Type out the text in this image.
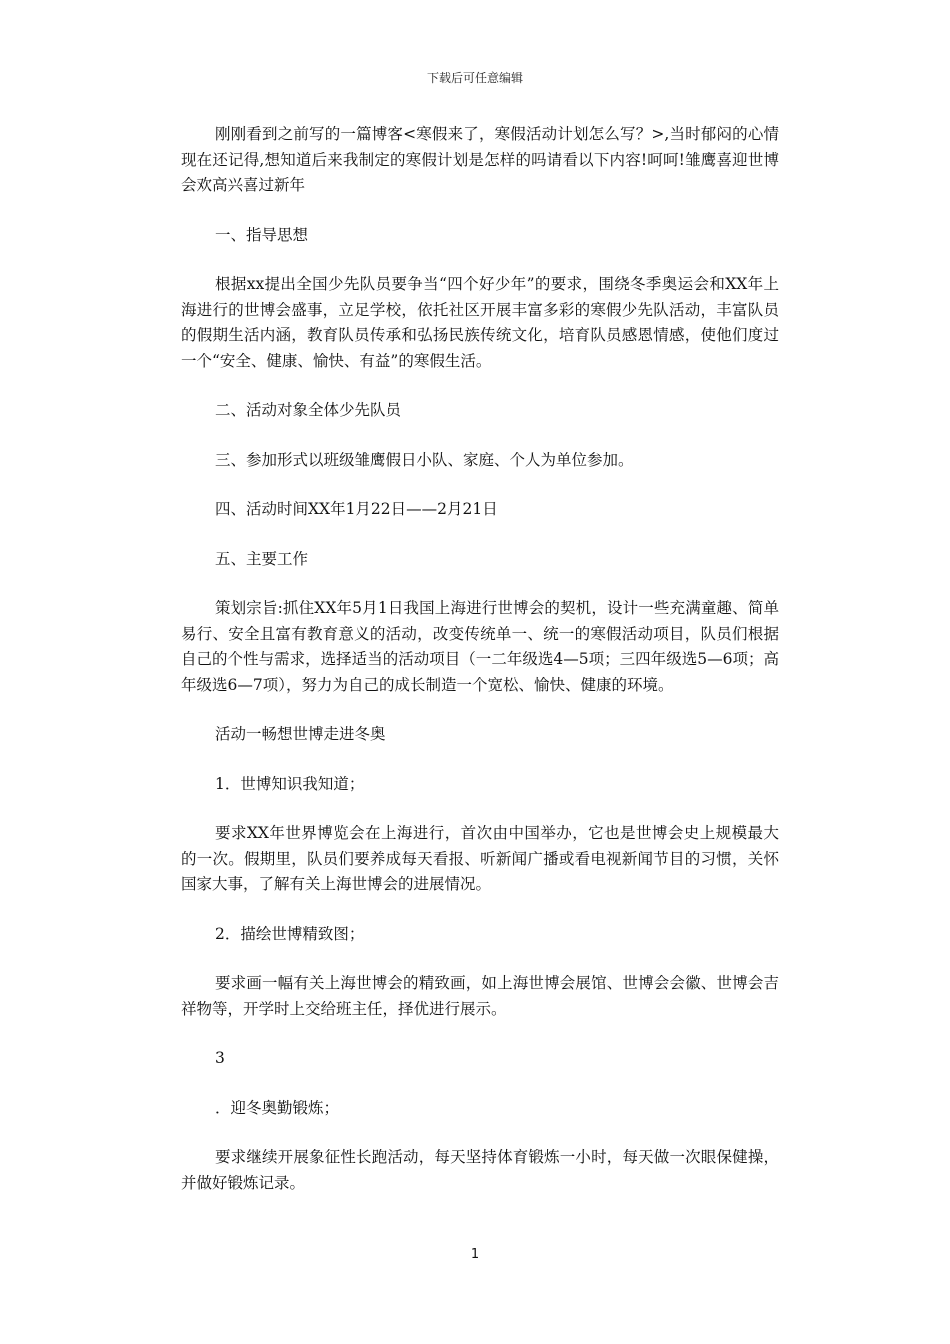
下载后可任意编辑

刚刚看到之前写的一篇博客<寒假来了，寒假活动计划怎么写？>,当时郁闷的心情现在还记得,想知道后来我制定的寒假计划是怎样的吗请看以下内容!呵呵!雏鹰喜迎世博会欢高兴喜过新年

一、指导思想

根据xx提出全国少先队员要争当“四个好少年”的要求，围绕冬季奥运会和XX年上海进行的世博会盛事，立足学校，依托社区开展丰富多彩的寒假少先队活动，丰富队员的假期生活内涵，教育队员传承和弘扬民族传统文化，培育队员感恩情感，使他们度过一个“安全、健康、愉快、有益”的寒假生活。

二、活动对象全体少先队员

三、参加形式以班级雏鹰假日小队、家庭、个人为单位参加。

四、活动时间XX年1月22日——2月21日

五、主要工作

策划宗旨:抓住XX年5月1日我国上海进行世博会的契机，设计一些充满童趣、简单易行、安全且富有教育意义的活动，改变传统单一、统一的寒假活动项目，队员们根据自己的个性与需求，选择适当的活动项目（一二年级选4—5项；三四年级选5—6项；高年级选6—7项），努力为自己的成长制造一个宽松、愉快、健康的环境。

活动一畅想世博走进冬奥

1．世博知识我知道；

要求XX年世界博览会在上海进行，首次由中国举办，它也是世博会史上规模最大的一次。假期里，队员们要养成每天看报、听新闻广播或看电视新闻节目的习惯，关怀国家大事，了解有关上海世博会的进展情况。

2．描绘世博精致图；

要求画一幅有关上海世博会的精致画，如上海世博会展馆、世博会会徽、世博会吉祥物等，开学时上交给班主任，择优进行展示。

3

．迎冬奥勤锻炼；

要求继续开展象征性长跑活动，每天坚持体育锻炼一小时，每天做一次眼保健操，并做好锻炼记录。

1
